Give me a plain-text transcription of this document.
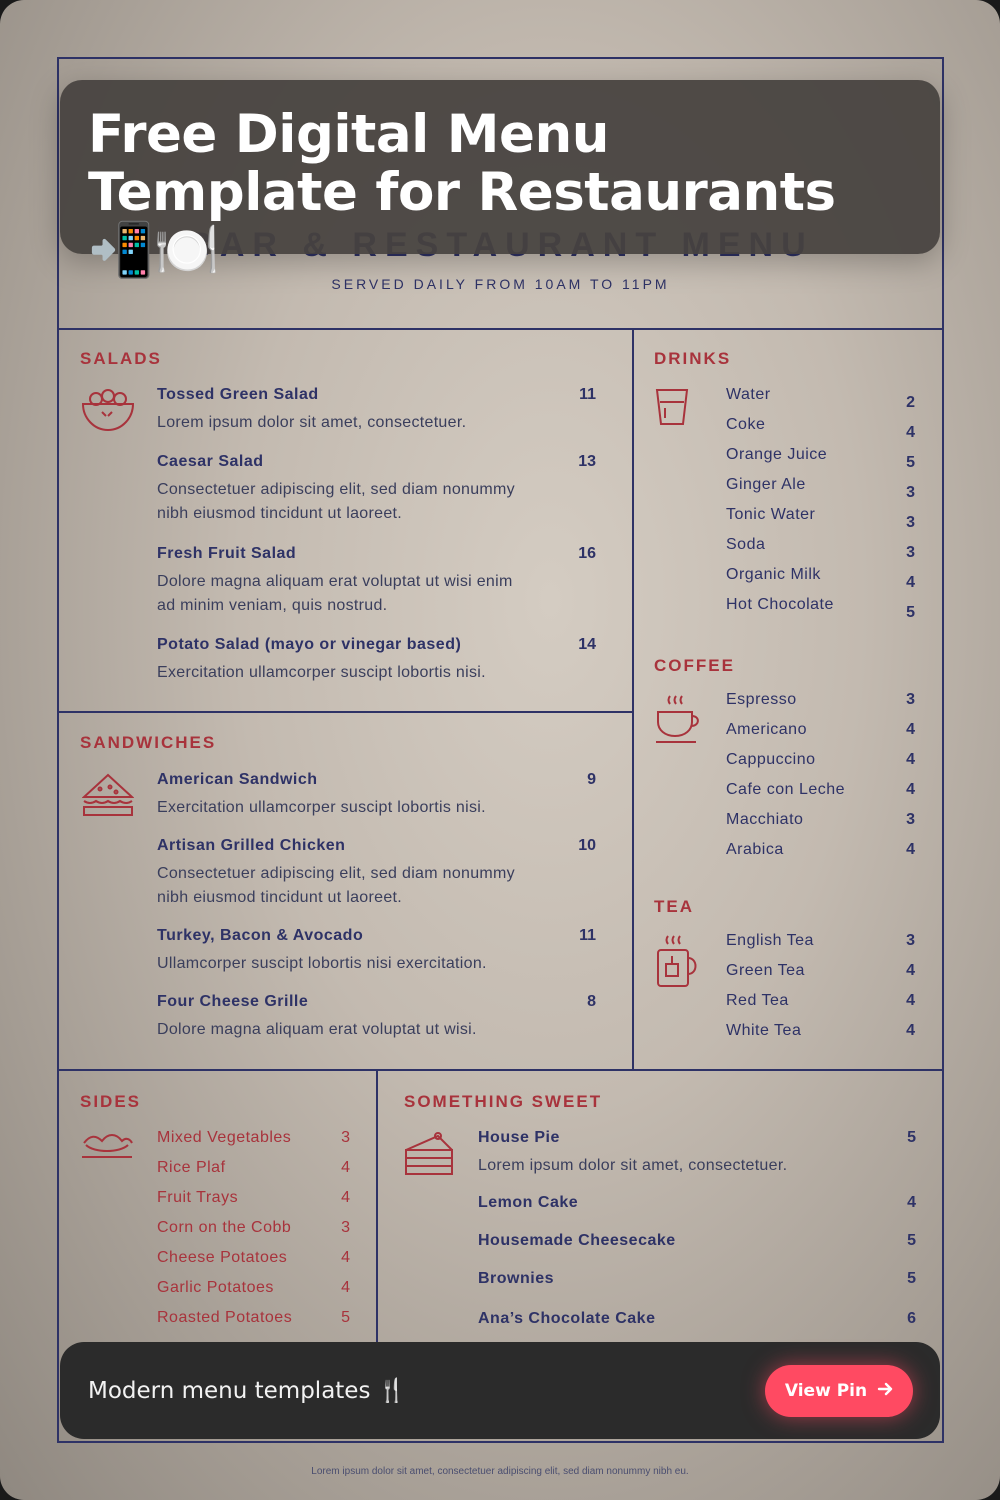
SERVED DAILY FROM 10AM TO 11PM
SALADS
Tossed Green Salad	11
Lorem ipsum dolor sit amet, consectetuer.
Caesar Salad	13
Consectetuer adipiscing elit, sed diam nonummy
nibh eiusmod tincidunt ut laoreet.
Fresh Fruit Salad	16
Dolore magna aliquam erat voluptat ut wisi enim
ad minim veniam, quis nostrud.
Potato Salad (mayo or vinegar based)	14
Exercitation ullamcorper suscipt lobortis nisi.
SANDWICHES
American Sandwich	9
Exercitation ullamcorper suscipt lobortis nisi.
Artisan Grilled Chicken	10
Consectetuer adipiscing elit, sed diam nonummy
nibh eiusmod tincidunt ut laoreet.
Turkey, Bacon & Avocado	11
Ullamcorper suscipt lobortis nisi exercitation.
Four Cheese Grille	8
Dolore magna aliquam erat voluptat ut wisi.
DRINKS
Water	2
Coke	4
Orange Juice	5
Ginger Ale	3
Tonic Water	3
Soda	3
Organic Milk	4
Hot Chocolate	5
COFFEE
Espresso	3
Americano	4
Cappuccino	4
Cafe con Leche	4
Macchiato	3
Arabica	4
TEA
English Tea	3
Green Tea	4
Red Tea	4
White Tea	4
SIDES
Mixed Vegetables	3
Rice Plaf	4
Fruit Trays	4
Corn on the Cobb	3
Cheese Potatoes	4
Garlic Potatoes	4
Roasted Potatoes	5
SOMETHING SWEET
House Pie	5
Lorem ipsum dolor sit amet, consectetuer.
Lemon Cake	4
Housemade Cheesecake	5
Brownies	5
Ana’s Chocolate Cake	6
Lorem ipsum dolor sit amet, consectetuer adipiscing elit, sed diam nonummy nibh eu.
Free Digital Menu Template for Restaurants 📲🍽️
Modern menu templates 🍴	View Pin
